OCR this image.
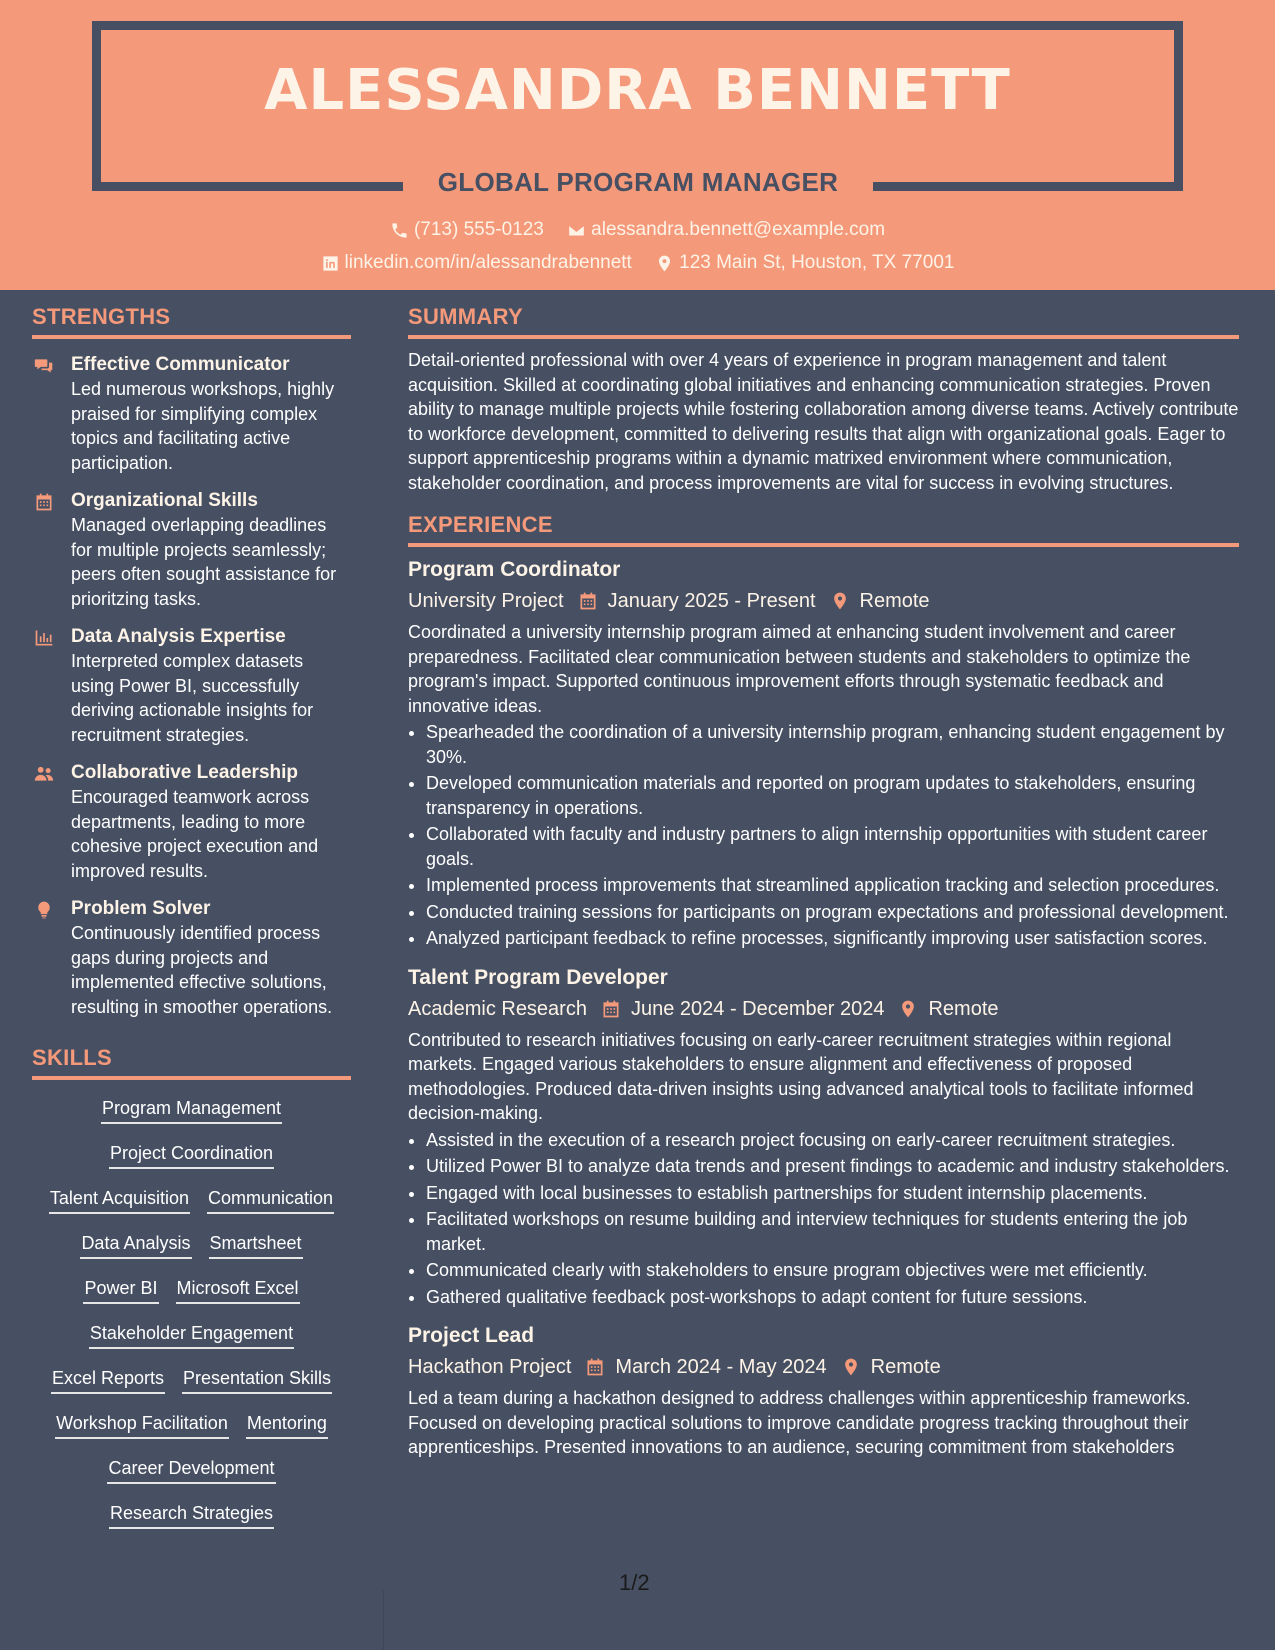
ALESSANDRA BENNETT
GLOBAL PROGRAM MANAGER
(713) 555-0123
alessandra.bennett@example.com
linkedin.com/in/alessandrabennett
123 Main St, Houston, TX 77001
STRENGTHS
Effective Communicator
Led numerous workshops, highly praised for simplifying complex topics and facilitating active participation.
Organizational Skills
Managed overlapping deadlines for multiple projects seamlessly; peers often sought assistance for prioritzing tasks.
Data Analysis Expertise
Interpreted complex datasets using Power BI, successfully deriving actionable insights for recruitment strategies.
Collaborative Leadership
Encouraged teamwork across departments, leading to more cohesive project execution and improved results.
Problem Solver
Continuously identified process gaps during projects and implemented effective solutions, resulting in smoother operations.
SKILLS
Program Management
Project Coordination
Talent Acquisition Communication
Data Analysis Smartsheet
Power BI Microsoft Excel
Stakeholder Engagement
Excel Reports Presentation Skills
Workshop Facilitation Mentoring
Career Development
Research Strategies
SUMMARY
Detail-oriented professional with over 4 years of experience in program management and talent acquisition. Skilled at coordinating global initiatives and enhancing communication strategies. Proven ability to manage multiple projects while fostering collaboration among diverse teams. Actively contribute to workforce development, committed to delivering results that align with organizational goals. Eager to support apprenticeship programs within a dynamic matrixed environment where communication, stakeholder coordination, and process improvements are vital for success in evolving structures.
EXPERIENCE
Program Coordinator
University Project January 2025 - Present Remote
Coordinated a university internship program aimed at enhancing student involvement and career preparedness. Facilitated clear communication between students and stakeholders to optimize the program's impact. Supported continuous improvement efforts through systematic feedback and innovative ideas.
• Spearheaded the coordination of a university internship program, enhancing student engagement by 30%.
• Developed communication materials and reported on program updates to stakeholders, ensuring transparency in operations.
• Collaborated with faculty and industry partners to align internship opportunities with student career goals.
• Implemented process improvements that streamlined application tracking and selection procedures.
• Conducted training sessions for participants on program expectations and professional development.
• Analyzed participant feedback to refine processes, significantly improving user satisfaction scores.
Talent Program Developer
Academic Research June 2024 - December 2024 Remote
Contributed to research initiatives focusing on early-career recruitment strategies within regional markets. Engaged various stakeholders to ensure alignment and effectiveness of proposed methodologies. Produced data-driven insights using advanced analytical tools to facilitate informed decision-making.
• Assisted in the execution of a research project focusing on early-career recruitment strategies.
• Utilized Power BI to analyze data trends and present findings to academic and industry stakeholders.
• Engaged with local businesses to establish partnerships for student internship placements.
• Facilitated workshops on resume building and interview techniques for students entering the job market.
• Communicated clearly with stakeholders to ensure program objectives were met efficiently.
• Gathered qualitative feedback post-workshops to adapt content for future sessions.
Project Lead
Hackathon Project March 2024 - May 2024 Remote
Led a team during a hackathon designed to address challenges within apprenticeship frameworks. Focused on developing practical solutions to improve candidate progress tracking throughout their apprenticeships. Presented innovations to an audience, securing commitment from stakeholders
1/2
